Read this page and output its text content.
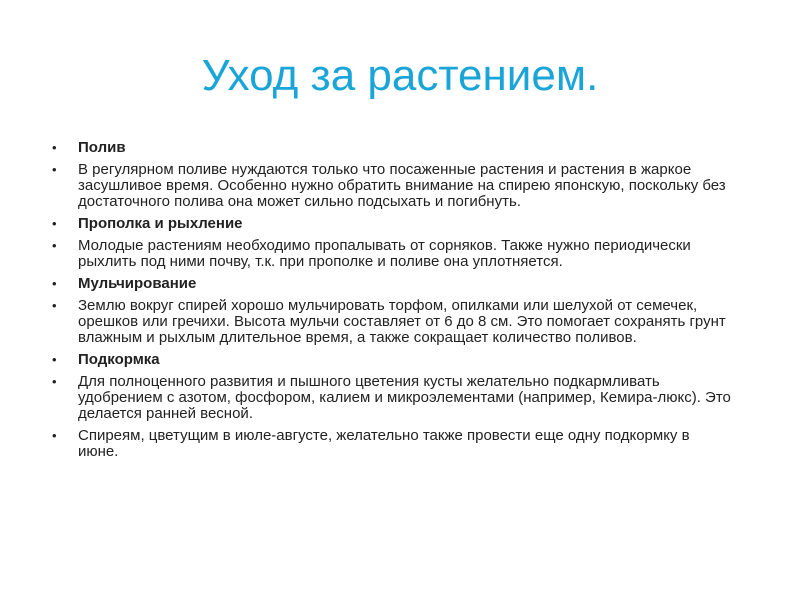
Уход за растением.
• Полив
• В регулярном поливе нуждаются только что посаженные растения и растения в жаркое засушливое время. Особенно нужно обратить внимание на спирею японскую, поскольку без достаточного полива она может сильно подсыхать и погибнуть.
• Прополка и рыхление
• Молодые растениям необходимо пропалывать от сорняков. Также нужно периодически рыхлить под ними почву, т.к. при прополке и поливе она уплотняется.
• Мульчирование
• Землю вокруг спирей хорошо мульчировать торфом, опилками или шелухой от семечек, орешков или гречихи. Высота мульчи составляет от 6 до 8 см. Это помогает сохранять грунт влажным и рыхлым длительное время, а также сокращает количество поливов.
• Подкормка
• Для полноценного развития и пышного цветения кусты желательно подкармливать удобрением с азотом, фосфором, калием и микроэлементами (например, Кемира-люкс). Это делается ранней весной.
• Спиреям, цветущим в июле-августе, желательно также провести еще одну подкормку в июне.
